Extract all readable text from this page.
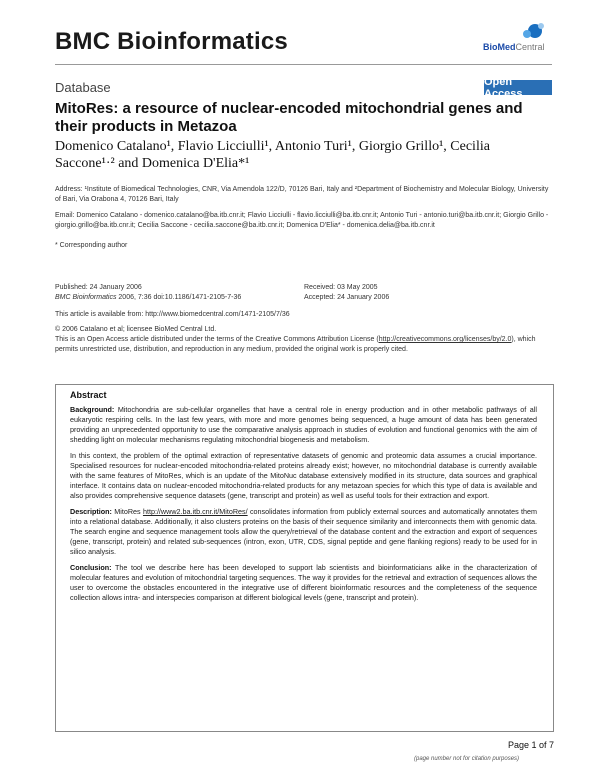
BMC Bioinformatics	BioMedCentral
Database	Open Access
MitoRes: a resource of nuclear-encoded mitochondrial genes and their products in Metazoa
Domenico Catalano¹, Flavio Licciulli¹, Antonio Turi¹, Giorgio Grillo¹, Cecilia Saccone¹·² and Domenica D'Elia*¹
Address: ¹Institute of Biomedical Technologies, CNR, Via Amendola 122/D, 70126 Bari, Italy and ²Department of Biochemistry and Molecular Biology, University of Bari, Via Orabona 4, 70126 Bari, Italy
Email: Domenico Catalano - domenico.catalano@ba.itb.cnr.it; Flavio Licciulli - flavio.licciulli@ba.itb.cnr.it; Antonio Turi - antonio.turi@ba.itb.cnr.it; Giorgio Grillo - giorgio.grillo@ba.itb.cnr.it; Cecilia Saccone - cecilia.saccone@ba.itb.cnr.it; Domenica D'Elia* - domenica.delia@ba.itb.cnr.it
* Corresponding author
Published: 24 January 2006
BMC Bioinformatics 2006, 7:36 doi:10.1186/1471-2105-7-36
Received: 03 May 2005
Accepted: 24 January 2006
This article is available from: http://www.biomedcentral.com/1471-2105/7/36
© 2006 Catalano et al; licensee BioMed Central Ltd.
This is an Open Access article distributed under the terms of the Creative Commons Attribution License (http://creativecommons.org/licenses/by/2.0), which permits unrestricted use, distribution, and reproduction in any medium, provided the original work is properly cited.
Abstract

Background: Mitochondria are sub-cellular organelles that have a central role in energy production and in other metabolic pathways of all eukaryotic respiring cells. In the last few years, with more and more genomes being sequenced, a huge amount of data has been generated providing an unprecedented opportunity to use the comparative analysis approach in studies of evolution and functional genomics with the aim of shedding light on molecular mechanisms regulating mitochondrial biogenesis and metabolism.

In this context, the problem of the optimal extraction of representative datasets of genomic and proteomic data assumes a crucial importance. Specialised resources for nuclear-encoded mitochondria-related proteins already exist; however, no mitochondrial database is currently available with the same features of MitoRes, which is an update of the MitoNuc database extensively modified in its structure, data sources and graphical interface. It contains data on nuclear-encoded mitochondria-related products for any metazoan species for which this type of data is available and also provides comprehensive sequence datasets (gene, transcript and protein) as well as useful tools for their extraction and export.

Description: MitoRes http://www2.ba.itb.cnr.it/MitoRes/ consolidates information from publicly external sources and automatically annotates them into a relational database. Additionally, it also clusters proteins on the basis of their sequence similarity and interconnects them with genomic data. The search engine and sequence management tools allow the query/retrieval of the database content and the extraction and export of sequences (gene, transcript, protein) and related sub-sequences (intron, exon, UTR, CDS, signal peptide and gene flanking regions) ready to be used for in silico analysis.

Conclusion: The tool we describe here has been developed to support lab scientists and bioinformaticians alike in the characterization of molecular features and evolution of mitochondrial targeting sequences. The way it provides for the retrieval and extraction of sequences allows the user to overcome the obstacles encountered in the integrative use of different bioinformatic resources and the completeness of the sequence collection allows intra- and interspecies comparison at different biological levels (gene, transcript and protein).

Page 1 of 7
(page number not for citation purposes)
